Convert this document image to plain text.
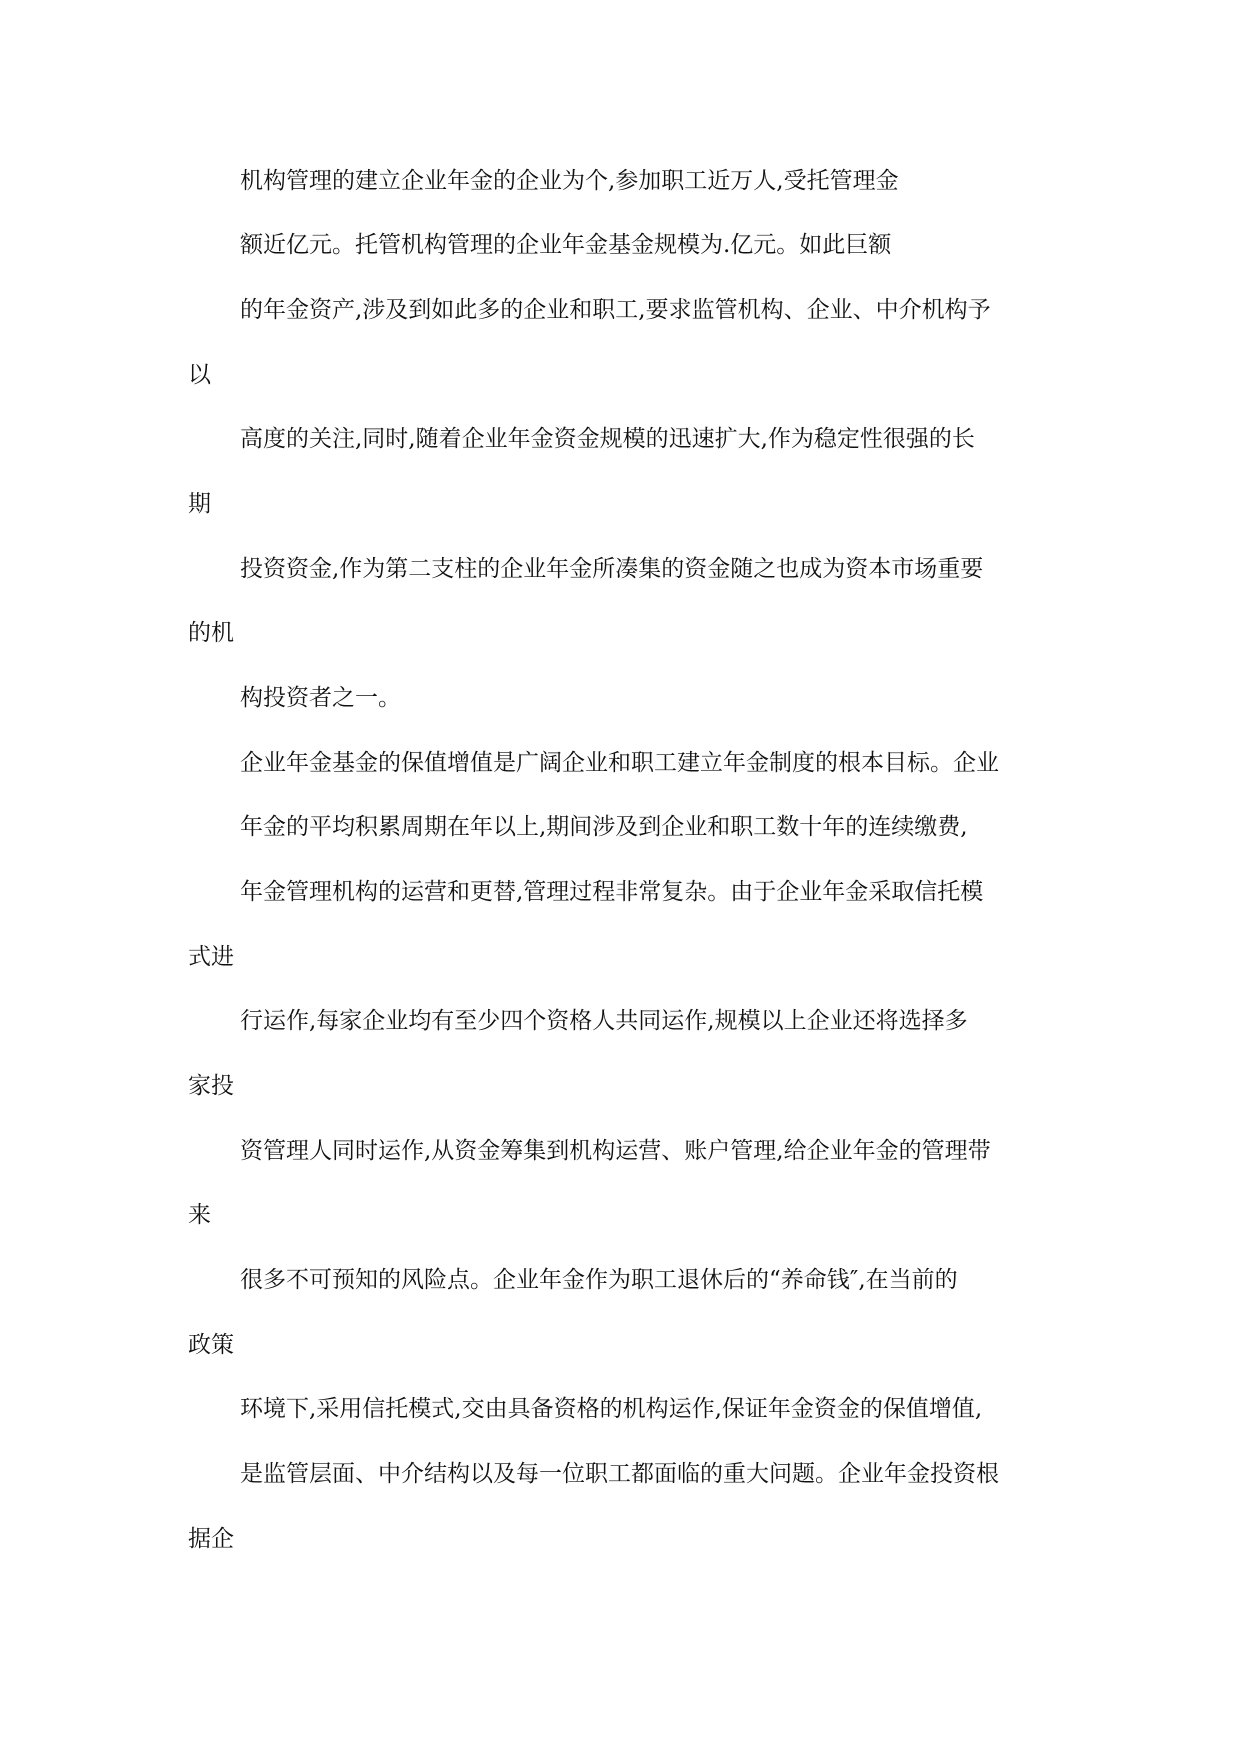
机构管理的建立企业年金的企业为个,参加职工近万人,受托管理金
额近亿元。托管机构管理的企业年金基金规模为.亿元。如此巨额
的年金资产,涉及到如此多的企业和职工,要求监管机构、企业、中介机构予
以
高度的关注,同时,随着企业年金资金规模的迅速扩大,作为稳定性很强的长
期
投资资金,作为第二支柱的企业年金所凑集的资金随之也成为资本市场重要
的机
构投资者之一。
企业年金基金的保值增值是广阔企业和职工建立年金制度的根本目标。企业
年金的平均积累周期在年以上,期间涉及到企业和职工数十年的连续缴费,
年金管理机构的运营和更替,管理过程非常复杂。由于企业年金采取信托模
式进
行运作,每家企业均有至少四个资格人共同运作,规模以上企业还将选择多
家投
资管理人同时运作,从资金筹集到机构运营、账户管理,给企业年金的管理带
来
很多不可预知的风险点。企业年金作为职工退休后的“养命钱″,在当前的
政策
环境下,采用信托模式,交由具备资格的机构运作,保证年金资金的保值增值,
是监管层面、中介结构以及每一位职工都面临的重大问题。企业年金投资根
据企
